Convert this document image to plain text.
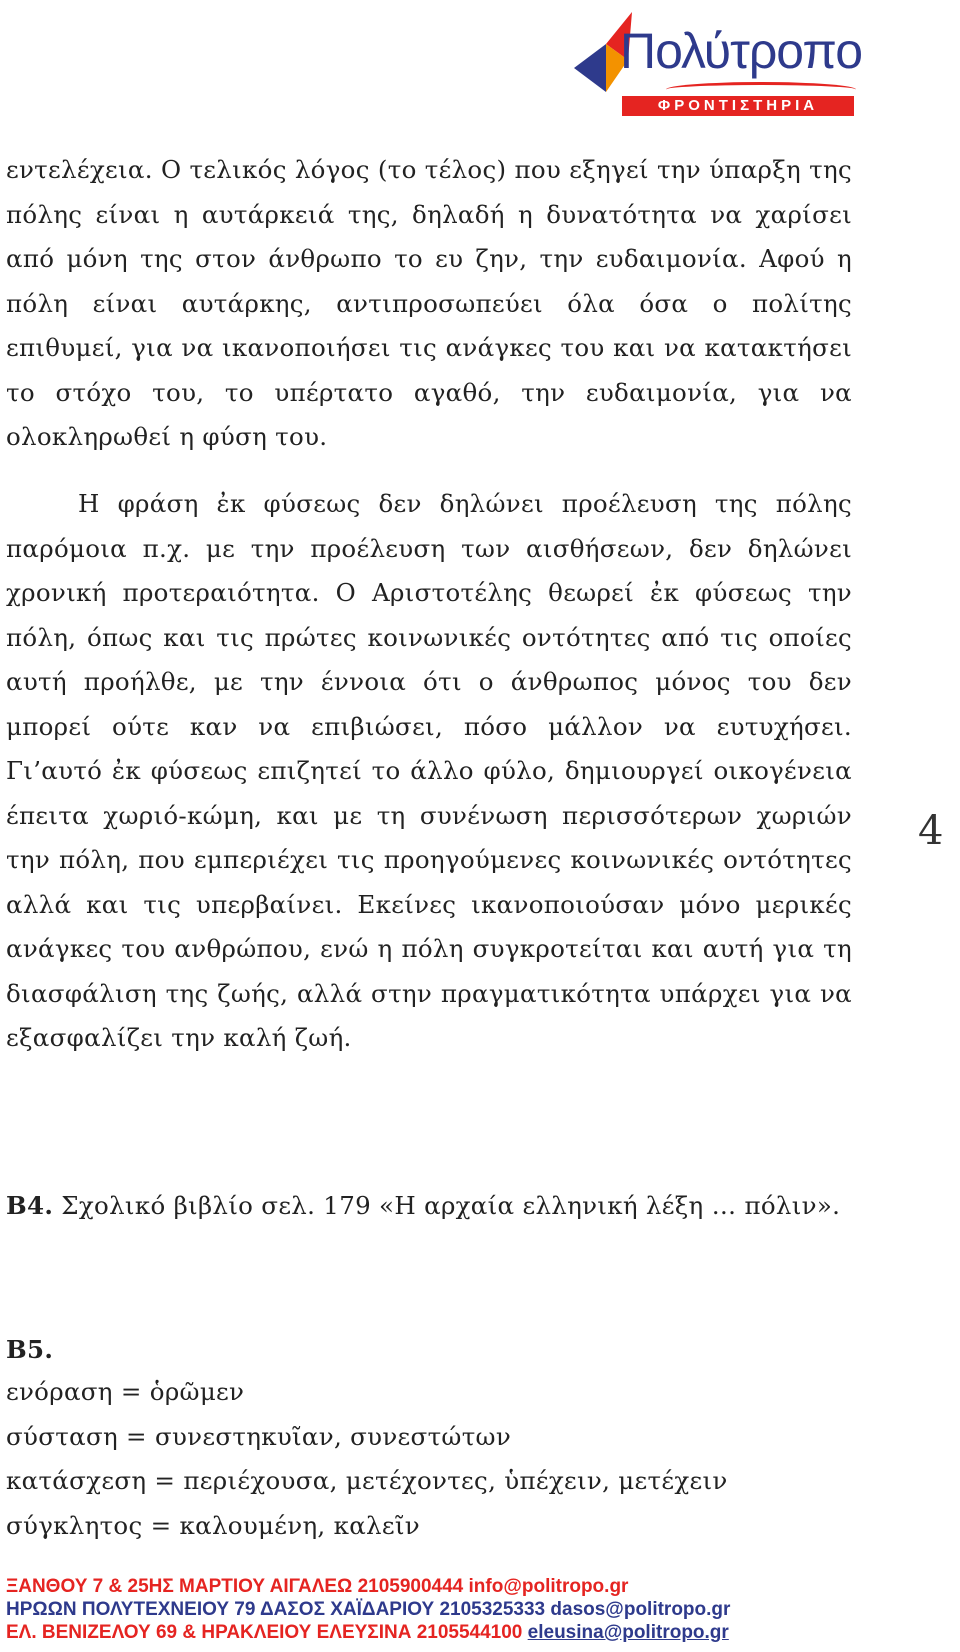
Πολύτροπο
ΦΡΟΝΤΙΣΤΗΡΙΑ
εντελέχεια. Ο τελικός λόγος (το τέλος) που εξηγεί την ύπαρξη της πόλης είναι η αυτάρκειά της, δηλαδή η δυνατότητα να χαρίσει από μόνη της στον άνθρωπο το ευ ζην, την ευδαιμονία. Αφού η πόλη είναι αυτάρκης, αντιπροσωπεύει όλα όσα ο πολίτης επιθυμεί, για να ικανοποιήσει τις ανάγκες του και να κατακτήσει το στόχο του, το υπέρτατο αγαθό, την ευδαιμονία, για να ολοκληρωθεί η φύση του.
Η φράση ἐκ φύσεως δεν δηλώνει προέλευση της πόλης παρόμοια π.χ. με την προέλευση των αισθήσεων, δεν δηλώνει χρονική προτεραιότητα. Ο Αριστοτέλης θεωρεί ἐκ φύσεως την πόλη, όπως και τις πρώτες κοινωνικές οντότητες από τις οποίες αυτή προήλθε, με την έννοια ότι ο άνθρωπος μόνος του δεν μπορεί ούτε καν να επιβιώσει, πόσο μάλλον να ευτυχήσει. Γι’αυτό ἐκ φύσεως επιζητεί το άλλο φύλο, δημιουργεί οικογένεια έπειτα χωριό-κώμη, και με τη συνένωση περισσότερων χωριών την πόλη, που εμπεριέχει τις προηγούμενες κοινωνικές οντότητες αλλά και τις υπερβαίνει. Εκείνες ικανοποιούσαν μόνο μερικές ανάγκες του ανθρώπου, ενώ η πόλη συγκροτείται και αυτή για τη διασφάλιση της ζωής, αλλά στην πραγματικότητα υπάρχει για να εξασφαλίζει την καλή ζωή.
Β4. Σχολικό βιβλίο σελ. 179 «Η αρχαία ελληνική λέξη … πόλιν».
Β5.
ενόραση = ὁρῶμεν
σύσταση = συνεστηκυῖαν, συνεστώτων
κατάσχεση = περιέχουσα, μετέχοντες, ὑπέχειν, μετέχειν
σύγκλητος = καλουμένη, καλεῖν
4
ΞΑΝΘΟΥ 7 & 25ΗΣ ΜΑΡΤΙΟΥ ΑΙΓΑΛΕΩ 2105900444 info@politropo.gr
ΗΡΩΩΝ ΠΟΛΥΤΕΧΝΕΙΟΥ 79 ΔΑΣΟΣ ΧΑΪΔΑΡΙΟΥ 2105325333 dasos@politropo.gr
ΕΛ. ΒΕΝΙΖΕΛΟΥ 69 & ΗΡΑΚΛΕΙΟΥ ΕΛΕΥΣΙΝΑ 2105544100 eleusina@politropo.gr
